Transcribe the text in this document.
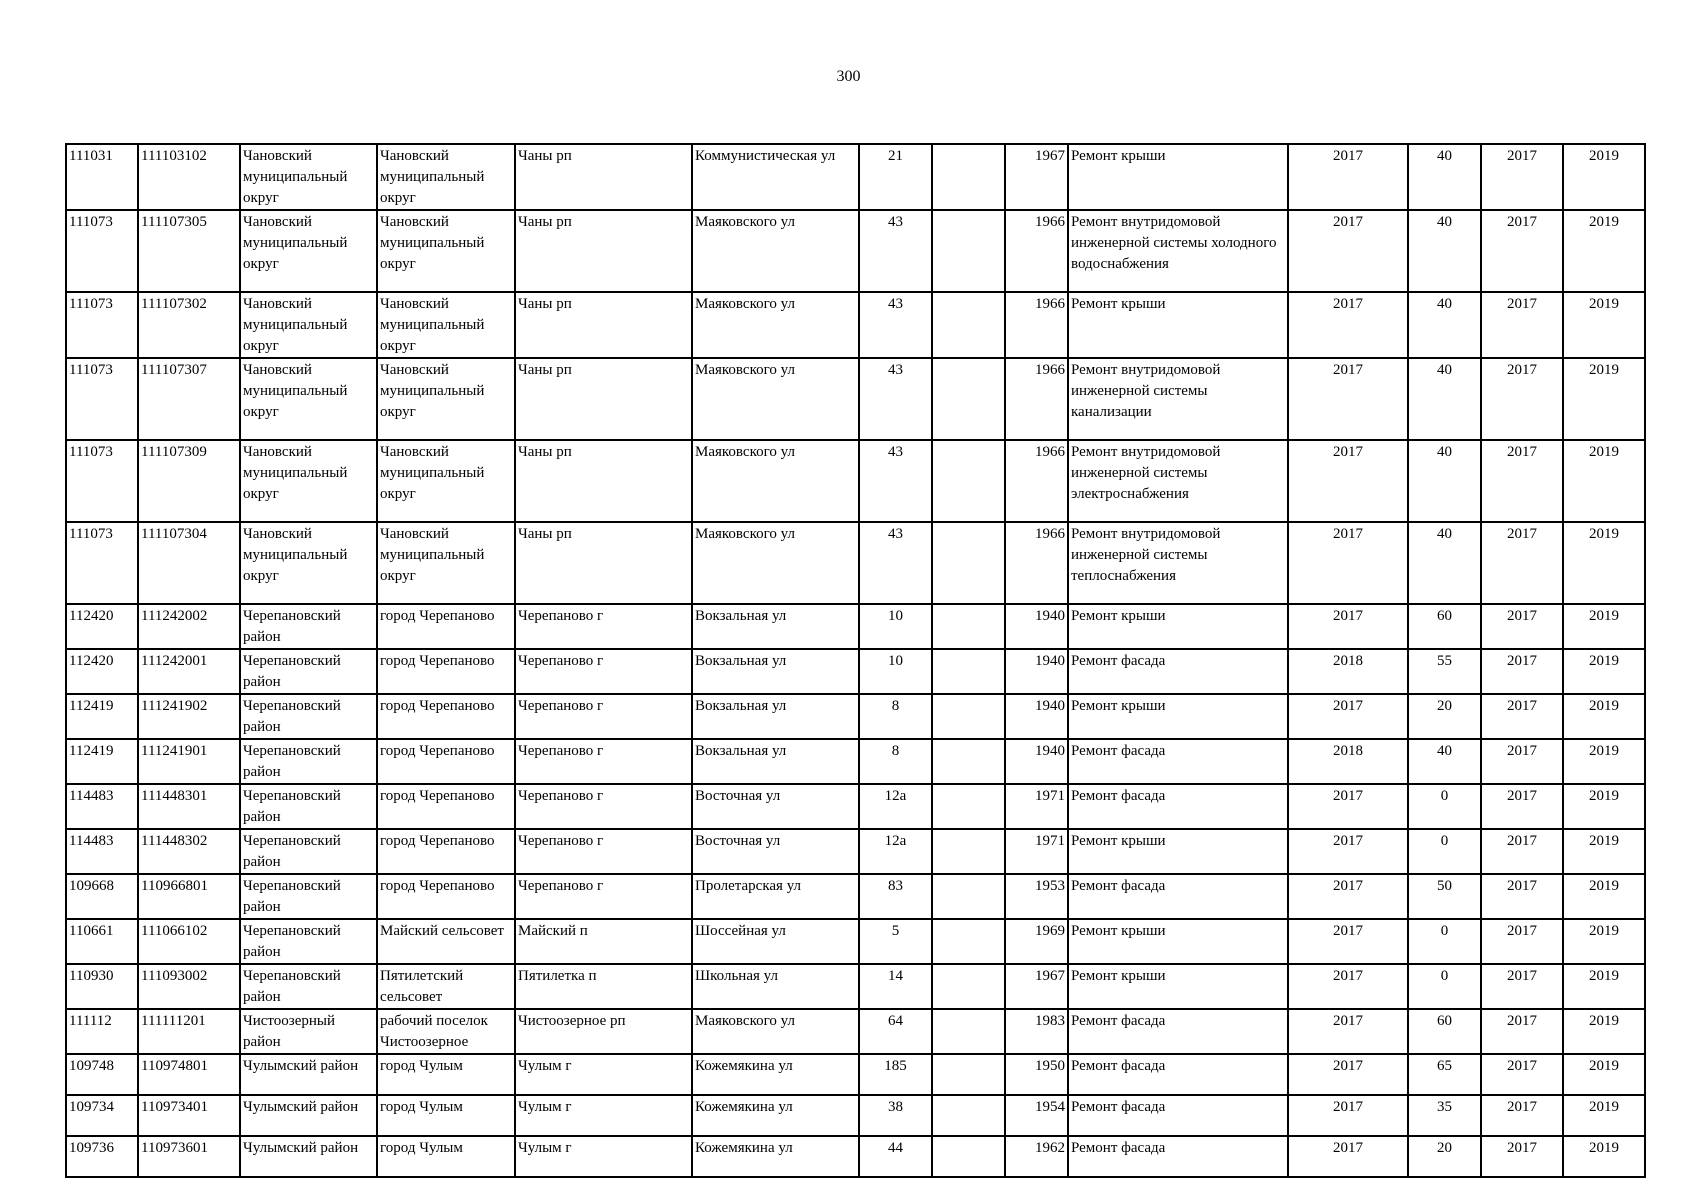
300
111031	111103102	Чановский муниципальный округ	Чановский муниципальный округ	Чаны рп	Коммунистическая ул	21		1967	Ремонт крыши	2017	40	2017	2019
111073	111107305	Чановский муниципальный округ	Чановский муниципальный округ	Чаны рп	Маяковского ул	43		1966	Ремонт внутридомовой инженерной системы холодного водоснабжения	2017	40	2017	2019
111073	111107302	Чановский муниципальный округ	Чановский муниципальный округ	Чаны рп	Маяковского ул	43		1966	Ремонт крыши	2017	40	2017	2019
111073	111107307	Чановский муниципальный округ	Чановский муниципальный округ	Чаны рп	Маяковского ул	43		1966	Ремонт внутридомовой инженерной системы канализации	2017	40	2017	2019
111073	111107309	Чановский муниципальный округ	Чановский муниципальный округ	Чаны рп	Маяковского ул	43		1966	Ремонт внутридомовой инженерной системы электроснабжения	2017	40	2017	2019
111073	111107304	Чановский муниципальный округ	Чановский муниципальный округ	Чаны рп	Маяковского ул	43		1966	Ремонт внутридомовой инженерной системы теплоснабжения	2017	40	2017	2019
112420	111242002	Черепановский район	город Черепаново	Черепаново г	Вокзальная ул	10		1940	Ремонт крыши	2017	60	2017	2019
112420	111242001	Черепановский район	город Черепаново	Черепаново г	Вокзальная ул	10		1940	Ремонт фасада	2018	55	2017	2019
112419	111241902	Черепановский район	город Черепаново	Черепаново г	Вокзальная ул	8		1940	Ремонт крыши	2017	20	2017	2019
112419	111241901	Черепановский район	город Черепаново	Черепаново г	Вокзальная ул	8		1940	Ремонт фасада	2018	40	2017	2019
114483	111448301	Черепановский район	город Черепаново	Черепаново г	Восточная ул	12а		1971	Ремонт фасада	2017	0	2017	2019
114483	111448302	Черепановский район	город Черепаново	Черепаново г	Восточная ул	12а		1971	Ремонт крыши	2017	0	2017	2019
109668	110966801	Черепановский район	город Черепаново	Черепаново г	Пролетарская ул	83		1953	Ремонт фасада	2017	50	2017	2019
110661	111066102	Черепановский район	Майский сельсовет	Майский п	Шоссейная ул	5		1969	Ремонт крыши	2017	0	2017	2019
110930	111093002	Черепановский район	Пятилетский сельсовет	Пятилетка п	Школьная ул	14		1967	Ремонт крыши	2017	0	2017	2019
111112	111111201	Чистоозерный район	рабочий поселок Чистоозерное	Чистоозерное рп	Маяковского ул	64		1983	Ремонт фасада	2017	60	2017	2019
109748	110974801	Чулымский район	город Чулым	Чулым г	Кожемякина ул	185		1950	Ремонт фасада	2017	65	2017	2019
109734	110973401	Чулымский район	город Чулым	Чулым г	Кожемякина ул	38		1954	Ремонт фасада	2017	35	2017	2019
109736	110973601	Чулымский район	город Чулым	Чулым г	Кожемякина ул	44		1962	Ремонт фасада	2017	20	2017	2019
